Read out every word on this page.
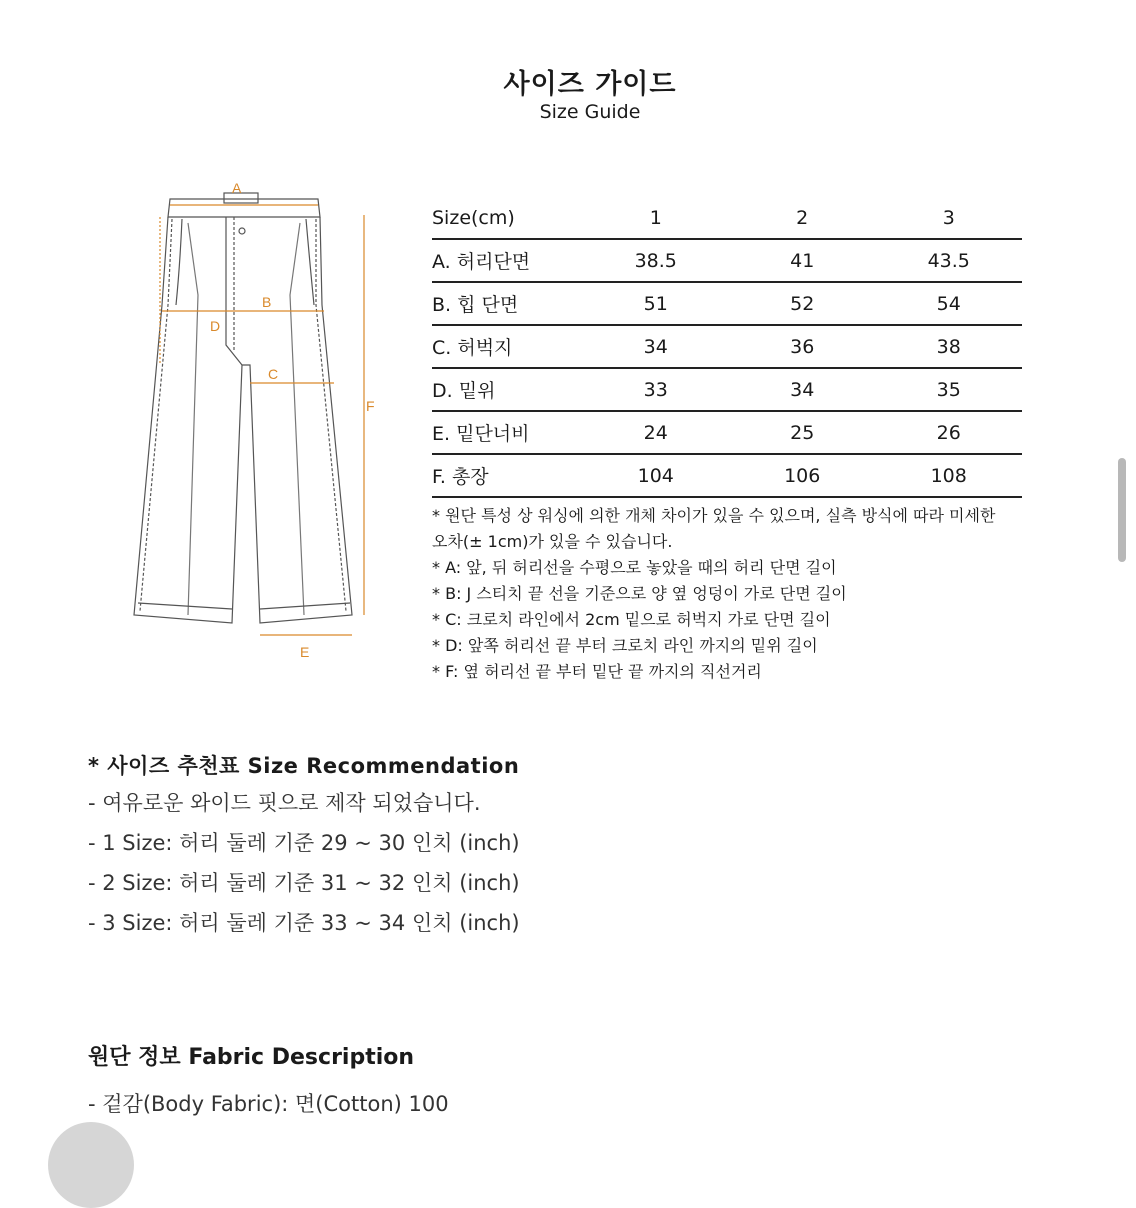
사이즈 가이드
Size Guide
A
B
C
D
E
F
Size(cm)	1	2	3
A. 허리단면	38.5	41	43.5
B. 힙 단면	51	52	54
C. 허벅지	34	36	38
D. 밑위	33	34	35
E. 밑단너비	24	25	26
F. 총장	104	106	108

* 원단 특성 상 워싱에 의한 개체 차이가 있을 수 있으며, 실측 방식에 따라 미세한

오차(± 1cm)가 있을 수 있습니다.

* A: 앞, 뒤 허리선을 수평으로 놓았을 때의 허리 단면 길이

* B: J 스티치 끝 선을 기준으로 양 옆 엉덩이 가로 단면 길이

* C: 크로치 라인에서 2cm 밑으로 허벅지 가로 단면 길이

* D: 앞쪽 허리선 끝 부터 크로치 라인 까지의 밑위 길이

* F: 옆 허리선 끝 부터 밑단 끝 까지의 직선거리

* 사이즈 추천표 Size Recommendation

- 여유로운 와이드 핏으로 제작 되었습니다.

- 1 Size: 허리 둘레 기준 29 ~ 30 인치 (inch)

- 2 Size: 허리 둘레 기준 31 ~ 32 인치 (inch)

- 3 Size: 허리 둘레 기준 33 ~ 34 인치 (inch)

원단 정보 Fabric Description
- 겉감(Body Fabric): 면(Cotton) 100
